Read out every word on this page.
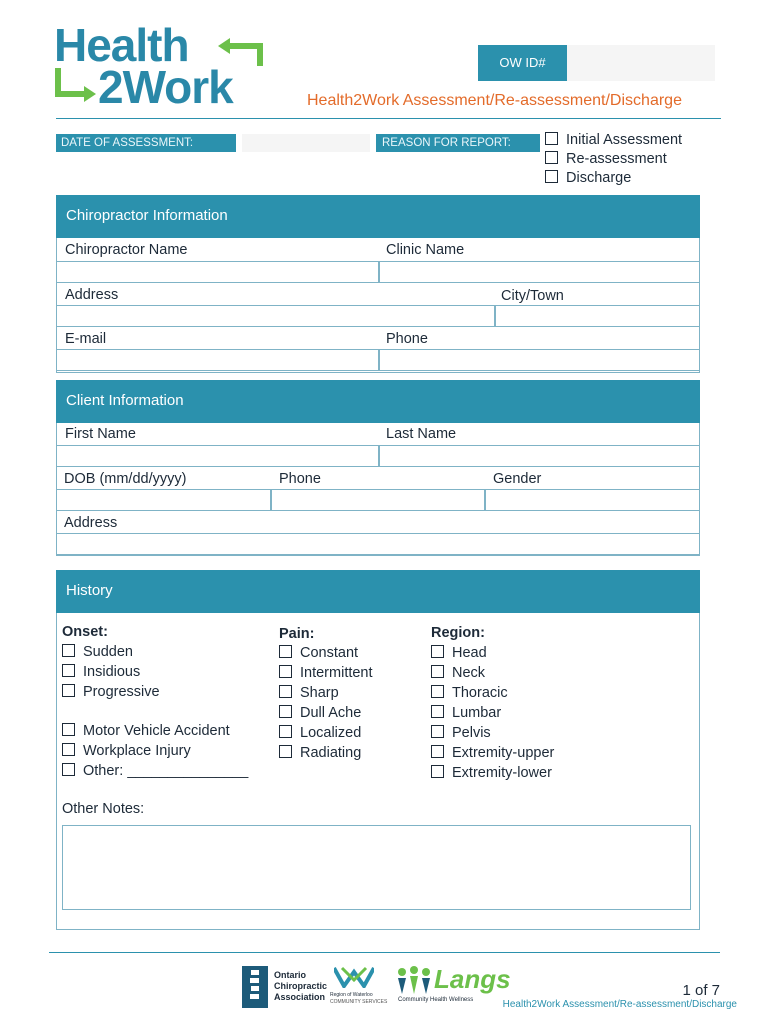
Health
2Work	OW ID#
Health2Work Assessment/Re-assessment/Discharge
DATE OF ASSESSMENT:	REASON FOR REPORT:	Initial Assessment
Re-assessment
Discharge
Chiropractor Information
Chiropractor Name	Clinic Name
Address	City/Town
E-mail	Phone
Client Information
First Name	Last Name
DOB (mm/dd/yyyy)	Phone	Gender
Address
History
Onset:
Sudden
Insidious
Progressive
Motor Vehicle Accident
Workplace Injury
Other: _______________
Pain:
Constant
Intermittent
Sharp
Dull Ache
Localized
Radiating
Region:
Head
Neck
Thoracic
Lumbar
Pelvis
Extremity-upper
Extremity-lower
Other Notes:
Ontario
Chiropractic
Association Region of Waterloo
COMMUNITY SERVICES
Langs
Community Health Wellness
1 of 7
Health2Work Assessment/Re-assessment/Discharge
